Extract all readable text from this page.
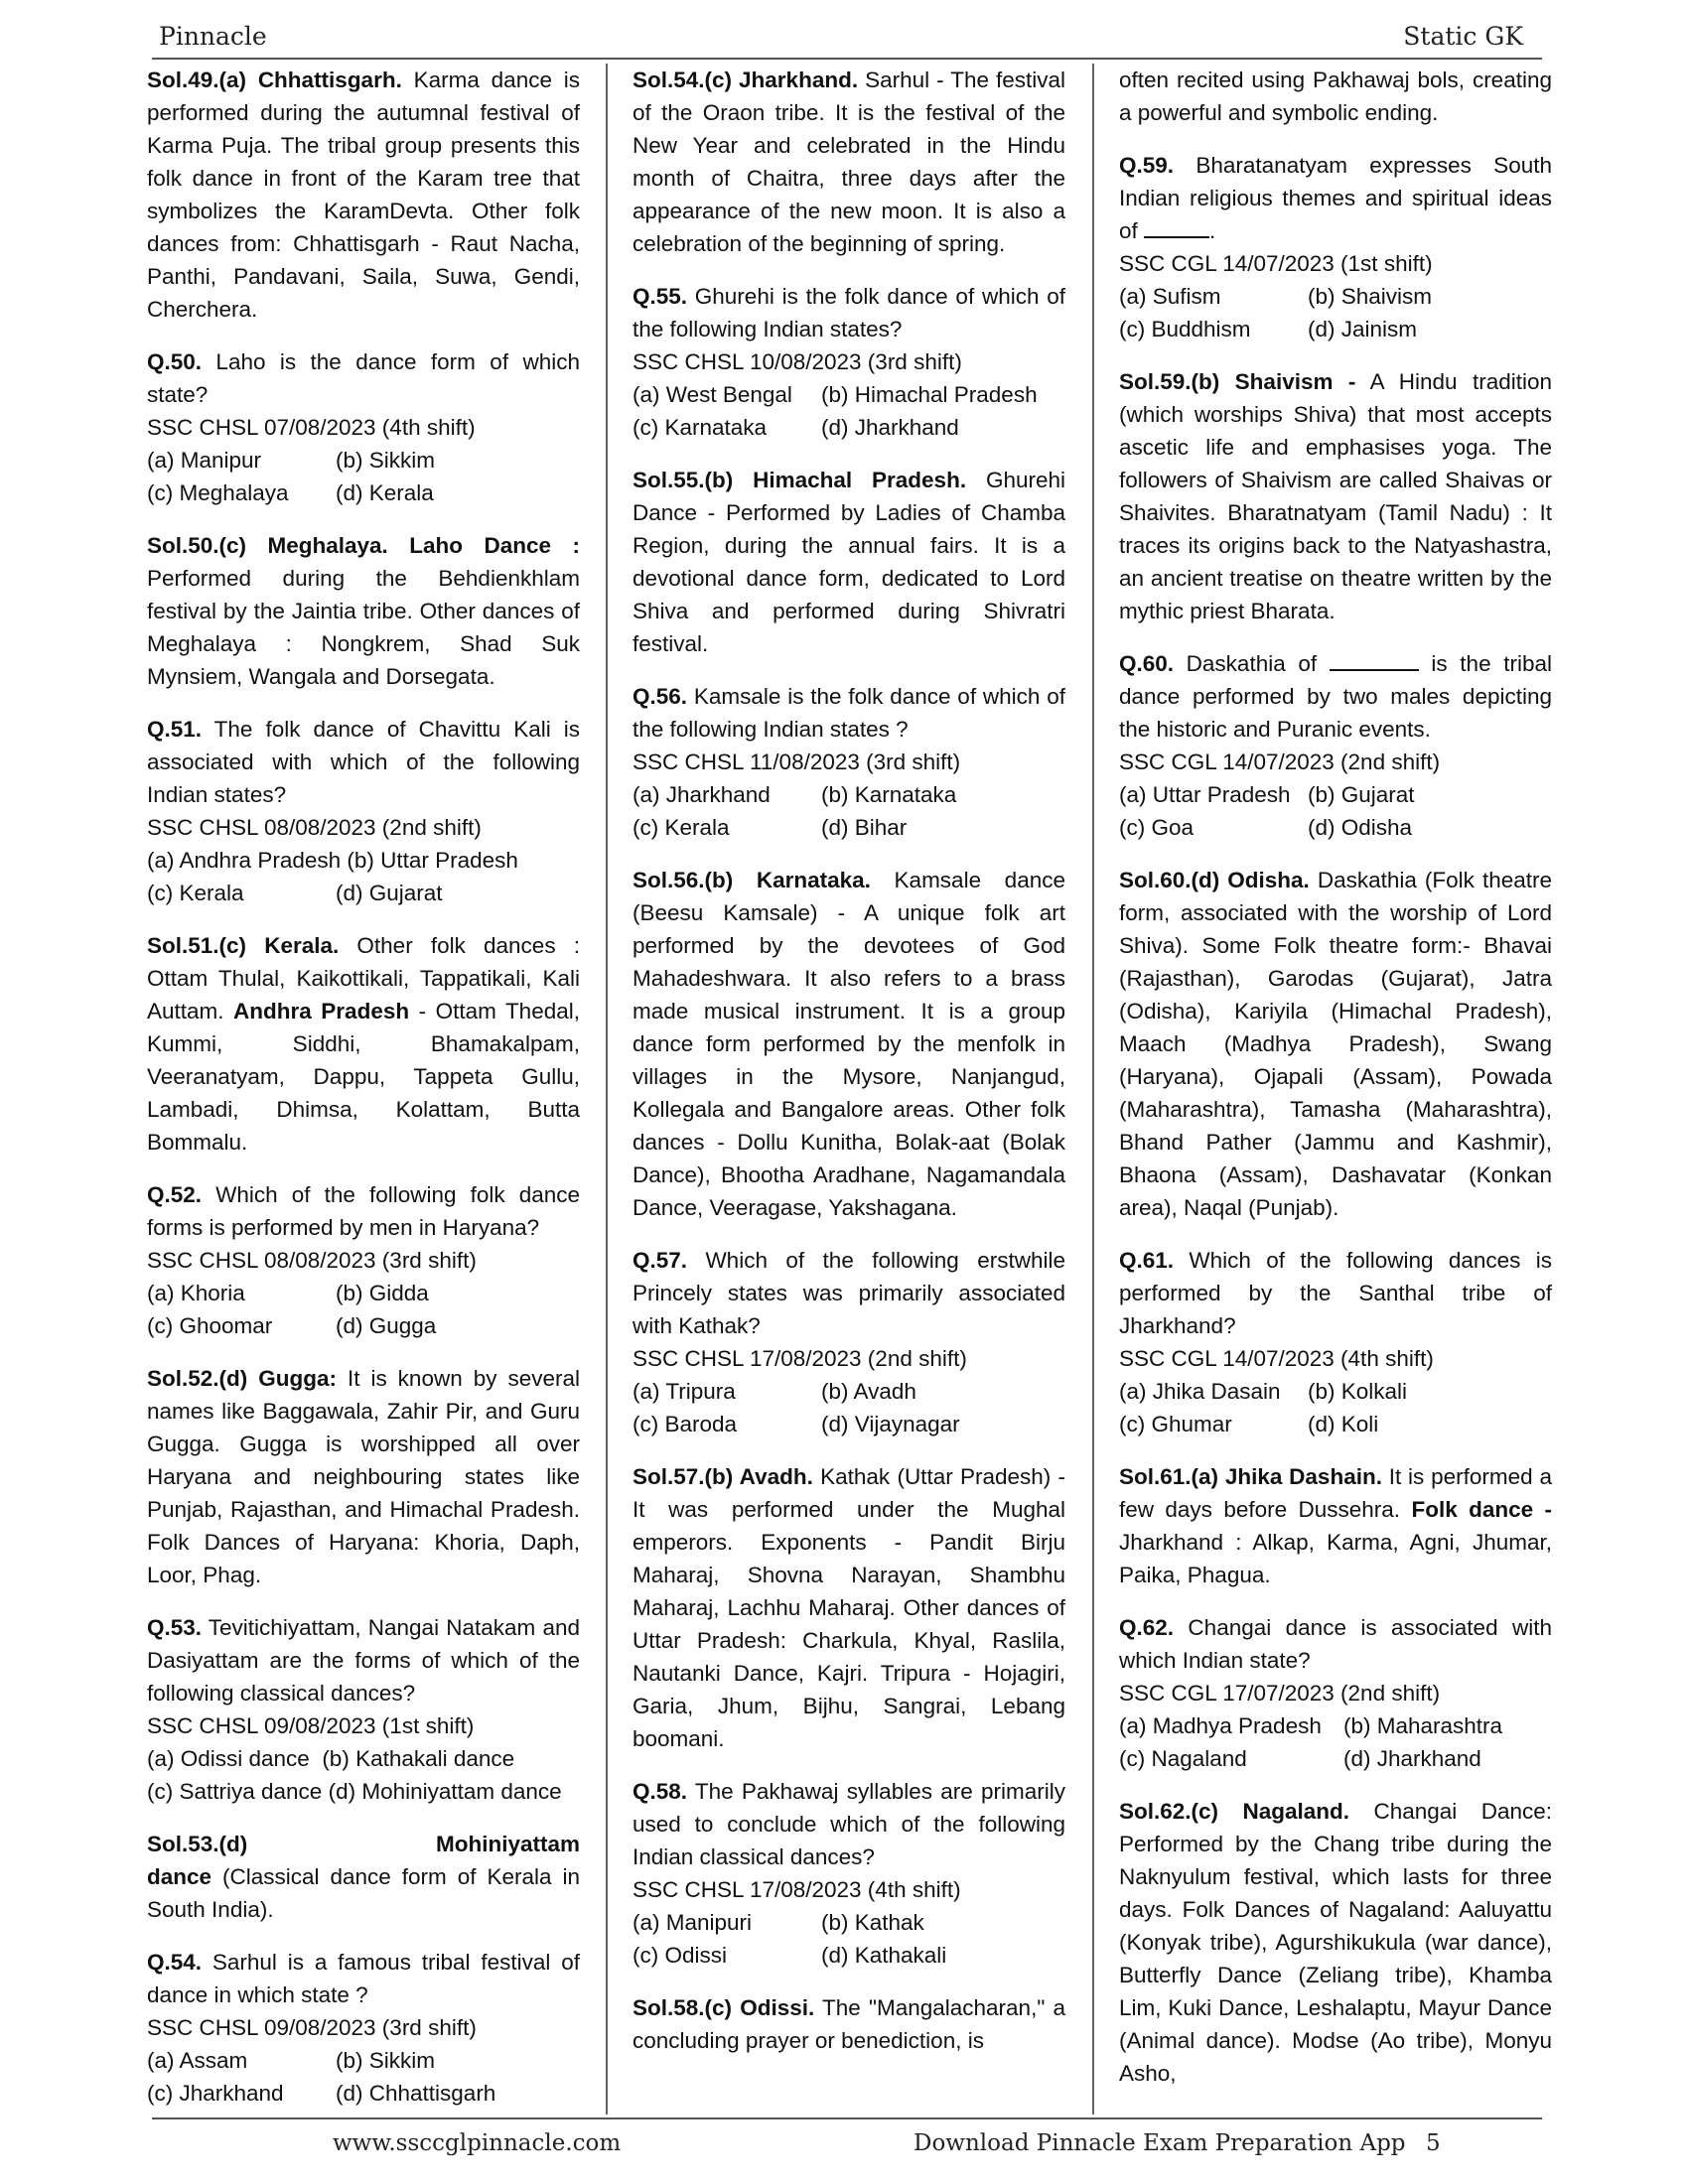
Pinnacle	Static GK
Sol.49.(a) Chhattisgarh. Karma dance is performed during the autumnal festival of Karma Puja. The tribal group presents this folk dance in front of the Karam tree that symbolizes the KaramDevta. Other folk dances from: Chhattisgarh - Raut Nacha, Panthi, Pandavani, Saila, Suwa, Gendi, Cherchera.
Q.50. Laho is the dance form of which state?
SSC CHSL 07/08/2023 (4th shift)
(a) Manipur	(b) Sikkim
(c) Meghalaya	(d) Kerala
Sol.50.(c) Meghalaya. Laho Dance : Performed during the Behdienkhlam festival by the Jaintia tribe. Other dances of Meghalaya : Nongkrem, Shad Suk Mynsiem, Wangala and Dorsegata.
Q.51. The folk dance of Chavittu Kali is associated with which of the following Indian states?
SSC CHSL 08/08/2023 (2nd shift)
(a) Andhra Pradesh (b) Uttar Pradesh
(c) Kerala	(d) Gujarat
Sol.51.(c) Kerala. Other folk dances : Ottam Thulal, Kaikottikali, Tappatikali, Kali Auttam. Andhra Pradesh - Ottam Thedal, Kummi, Siddhi, Bhamakalpam, Veeranatyam, Dappu, Tappeta Gullu, Lambadi, Dhimsa, Kolattam, Butta Bommalu.
Q.52. Which of the following folk dance forms is performed by men in Haryana?
SSC CHSL 08/08/2023 (3rd shift)
(a) Khoria	(b) Gidda
(c) Ghoomar	(d) Gugga
Sol.52.(d) Gugga: It is known by several names like Baggawala, Zahir Pir, and Guru Gugga. Gugga is worshipped all over Haryana and neighbouring states like Punjab, Rajasthan, and Himachal Pradesh. Folk Dances of Haryana: Khoria, Daph, Loor, Phag.
Q.53. Tevitichiyattam, Nangai Natakam and Dasiyattam are the forms of which of the following classical dances?
SSC CHSL 09/08/2023 (1st shift)
(a) Odissi dance  (b) Kathakali dance
(c) Sattriya dance (d) Mohiniyattam dance
Sol.53.(d) Mohiniyattam dance (Classical dance form of Kerala in South India).
Q.54. Sarhul is a famous tribal festival of dance in which state ?
SSC CHSL 09/08/2023 (3rd shift)
(a) Assam	(b) Sikkim
(c) Jharkhand	(d) Chhattisgarh
Sol.54.(c) Jharkhand. Sarhul - The festival of the Oraon tribe. It is the festival of the New Year and celebrated in the Hindu month of Chaitra, three days after the appearance of the new moon. It is also a celebration of the beginning of spring.
Q.55. Ghurehi is the folk dance of which of the following Indian states?
SSC CHSL 10/08/2023 (3rd shift)
(a) West Bengal	(b) Himachal Pradesh
(c) Karnataka	(d) Jharkhand
Sol.55.(b) Himachal Pradesh. Ghurehi Dance - Performed by Ladies of Chamba Region, during the annual fairs. It is a devotional dance form, dedicated to Lord Shiva and performed during Shivratri festival.
Q.56. Kamsale is the folk dance of which of the following Indian states ?
SSC CHSL 11/08/2023 (3rd shift)
(a) Jharkhand	(b) Karnataka
(c) Kerala	(d) Bihar
Sol.56.(b) Karnataka. Kamsale dance (Beesu Kamsale) - A unique folk art performed by the devotees of God Mahadeshwara. It also refers to a brass made musical instrument. It is a group dance form performed by the menfolk in villages in the Mysore, Nanjangud, Kollegala and Bangalore areas. Other folk dances - Dollu Kunitha, Bolak-aat (Bolak Dance), Bhootha Aradhane, Nagamandala Dance, Veeragase, Yakshagana.
Q.57. Which of the following erstwhile Princely states was primarily associated with Kathak?
SSC CHSL 17/08/2023 (2nd shift)
(a) Tripura	(b) Avadh
(c) Baroda	(d) Vijaynagar
Sol.57.(b) Avadh. Kathak (Uttar Pradesh) - It was performed under the Mughal emperors. Exponents - Pandit Birju Maharaj, Shovna Narayan, Shambhu Maharaj, Lachhu Maharaj. Other dances of Uttar Pradesh: Charkula, Khyal, Raslila, Nautanki Dance, Kajri. Tripura - Hojagiri, Garia, Jhum, Bijhu, Sangrai, Lebang boomani.
Q.58. The Pakhawaj syllables are primarily used to conclude which of the following Indian classical dances?
SSC CHSL 17/08/2023 (4th shift)
(a) Manipuri	(b) Kathak
(c) Odissi	(d) Kathakali
Sol.58.(c) Odissi. The "Mangalacharan," a concluding prayer or benediction, is
often recited using Pakhawaj bols, creating a powerful and symbolic ending.
Q.59. Bharatanatyam expresses South Indian religious themes and spiritual ideas of	.
SSC CGL 14/07/2023 (1st shift)
(a) Sufism	(b) Shaivism
(c) Buddhism	(d) Jainism
Sol.59.(b) Shaivism - A Hindu tradition (which worships Shiva) that most accepts ascetic life and emphasises yoga. The followers of Shaivism are called Shaivas or Shaivites. Bharatnatyam (Tamil Nadu) : It traces its origins back to the Natyashastra, an ancient treatise on theatre written by the mythic priest Bharata.
Q.60. Daskathia of	is the tribal dance performed by two males depicting the historic and Puranic events.
SSC CGL 14/07/2023 (2nd shift)
(a) Uttar Pradesh (b) Gujarat
(c) Goa	(d) Odisha
Sol.60.(d) Odisha. Daskathia (Folk theatre form, associated with the worship of Lord Shiva). Some Folk theatre form:- Bhavai (Rajasthan), Garodas (Gujarat), Jatra (Odisha), Kariyila (Himachal Pradesh), Maach (Madhya Pradesh), Swang (Haryana), Ojapali (Assam), Powada (Maharashtra), Tamasha (Maharashtra), Bhand Pather (Jammu and Kashmir), Bhaona (Assam), Dashavatar (Konkan area), Naqal (Punjab).
Q.61. Which of the following dances is performed by the Santhal tribe of Jharkhand?
SSC CGL 14/07/2023 (4th shift)
(a) Jhika Dasain	(b) Kolkali
(c) Ghumar	(d) Koli
Sol.61.(a) Jhika Dashain. It is performed a few days before Dussehra. Folk dance - Jharkhand : Alkap, Karma, Agni, Jhumar, Paika, Phagua.
Q.62. Changai dance is associated with which Indian state?
SSC CGL 17/07/2023 (2nd shift)
(a) Madhya Pradesh (b) Maharashtra
(c) Nagaland	(d) Jharkhand
Sol.62.(c) Nagaland. Changai Dance: Performed by the Chang tribe during the Naknyulum festival, which lasts for three days. Folk Dances of Nagaland: Aaluyattu (Konyak tribe), Agurshikukula (war dance), Butterfly Dance (Zeliang tribe), Khamba Lim, Kuki Dance, Leshalaptu, Mayur Dance (Animal dance). Modse (Ao tribe), Monyu Asho,
www.ssccglpinnacle.com	Download Pinnacle Exam Preparation App 5
